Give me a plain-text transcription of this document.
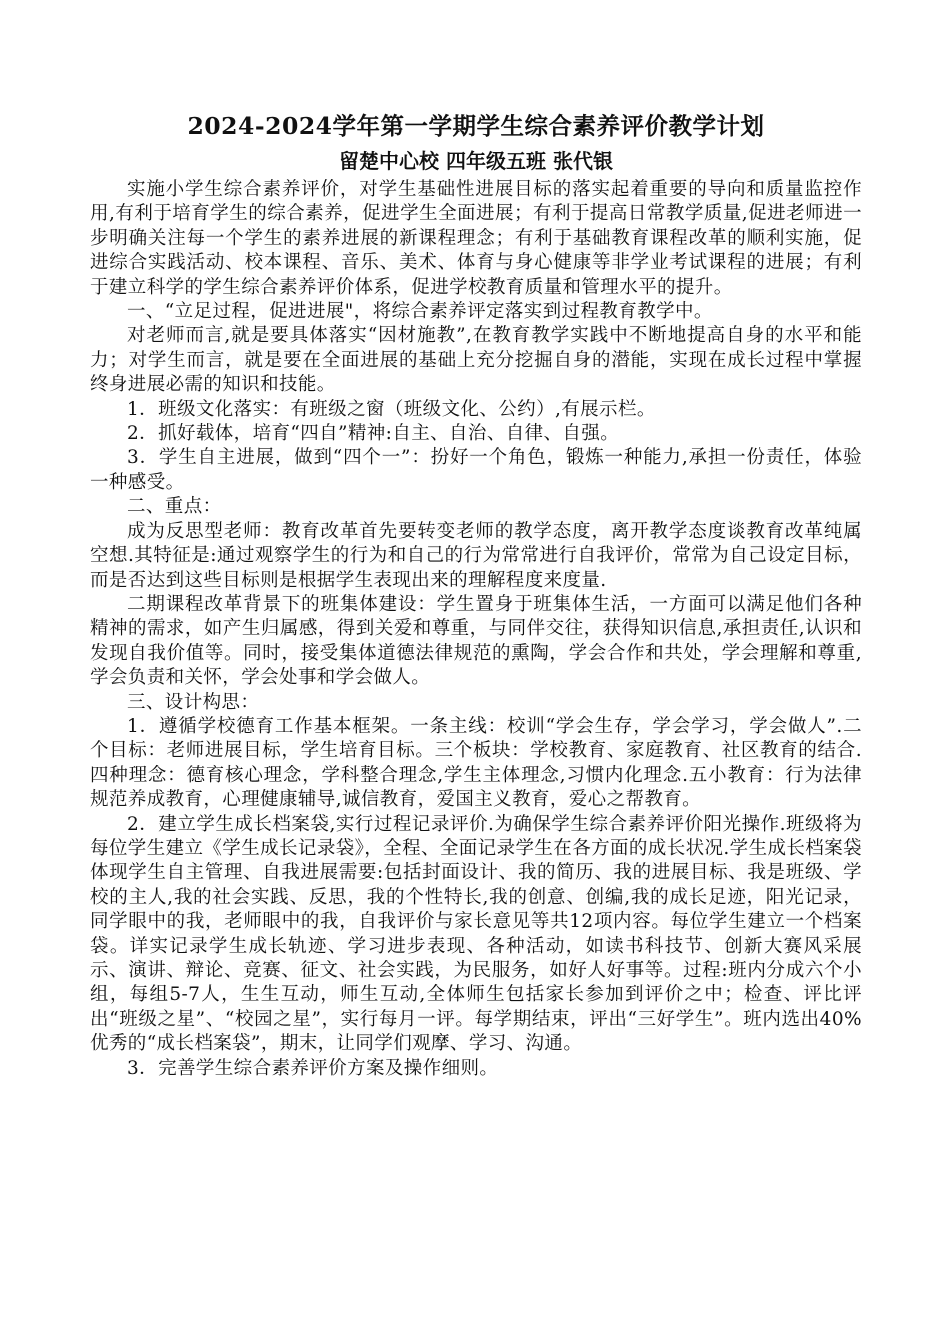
2024-2024学年第一学期学生综合素养评价教学计划
留楚中心校 四年级五班 张代银

实施小学生综合素养评价，对学生基础性进展目标的落实起着重要的导向和质量监控作用,有利于培育学生的综合素养，促进学生全面进展；有利于提高日常教学质量,促进老师进一步明确关注每一个学生的素养进展的新课程理念；有利于基础教育课程改革的顺利实施，促进综合实践活动、校本课程、音乐、美术、体育与身心健康等非学业考试课程的进展；有利于建立科学的学生综合素养评价体系，促进学校教育质量和管理水平的提升。

一、“立足过程，促进进展"，将综合素养评定落实到过程教育教学中。

对老师而言,就是要具体落实“因材施教”,在教育教学实践中不断地提高自身的水平和能力；对学生而言，就是要在全面进展的基础上充分挖掘自身的潜能，实现在成长过程中掌握终身进展必需的知识和技能。

1．班级文化落实：有班级之窗（班级文化、公约）,有展示栏。

2．抓好载体，培育“四自”精神:自主、自治、自律、自强。

3．学生自主进展，做到“四个一”：扮好一个角色，锻炼一种能力,承担一份责任，体验一种感受。

二、重点：

成为反思型老师：教育改革首先要转变老师的教学态度，离开教学态度谈教育改革纯属空想.其特征是:通过观察学生的行为和自己的行为常常进行自我评价，常常为自己设定目标，而是否达到这些目标则是根据学生表现出来的理解程度来度量.

二期课程改革背景下的班集体建设：学生置身于班集体生活，一方面可以满足他们各种精神的需求，如产生归属感，得到关爱和尊重，与同伴交往，获得知识信息,承担责任,认识和发现自我价值等。同时，接受集体道德法律规范的熏陶，学会合作和共处，学会理解和尊重,学会负责和关怀，学会处事和学会做人。

三、设计构思：

1．遵循学校德育工作基本框架。一条主线：校训“学会生存，学会学习，学会做人”.二个目标：老师进展目标，学生培育目标。三个板块：学校教育、家庭教育、社区教育的结合.四种理念：德育核心理念，学科整合理念,学生主体理念,习惯内化理念.五小教育：行为法律规范养成教育，心理健康辅导,诚信教育，爱国主义教育，爱心之帮教育。

2．建立学生成长档案袋,实行过程记录评价.为确保学生综合素养评价阳光操作.班级将为每位学生建立《学生成长记录袋》，全程、全面记录学生在各方面的成长状况.学生成长档案袋体现学生自主管理、自我进展需要:包括封面设计、我的简历、我的进展目标、我是班级、学校的主人,我的社会实践、反思，我的个性特长,我的创意、创编,我的成长足迹，阳光记录，同学眼中的我，老师眼中的我，自我评价与家长意见等共12项内容。每位学生建立一个档案袋。详实记录学生成长轨迹、学习进步表现、各种活动，如读书科技节、创新大赛风采展示、演讲、辩论、竞赛、征文、社会实践，为民服务，如好人好事等。过程:班内分成六个小组，每组5-7人，生生互动，师生互动,全体师生包括家长参加到评价之中；检查、评比评出“班级之星”、“校园之星”，实行每月一评。每学期结束，评出“三好学生”。班内选出40%优秀的“成长档案袋”，期末，让同学们观摩、学习、沟通。

3．完善学生综合素养评价方案及操作细则。
